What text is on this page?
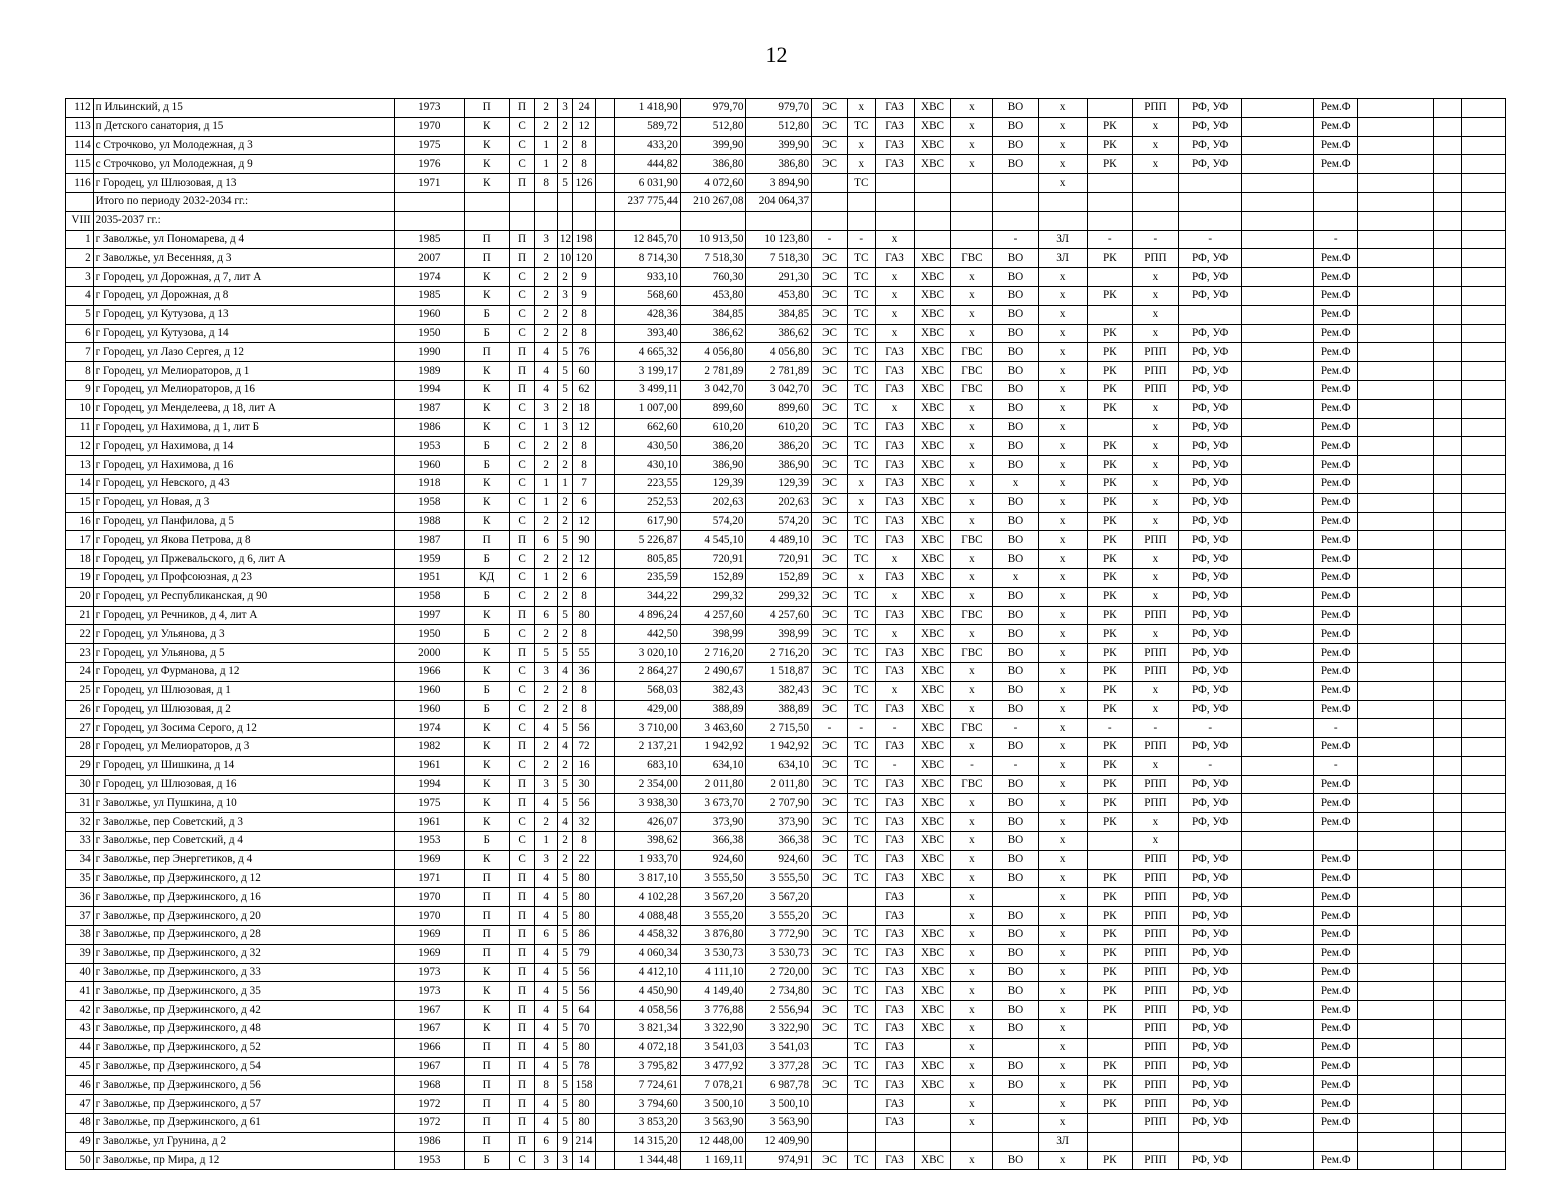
12
112	п Ильинский, д 15	1973	П	П	2	3	24		1 418,90	979,70	979,70	ЭС	x	ГАЗ	ХВС	x	ВО	x		РПП	РФ, УФ		Рем.Ф			
113	п Детского санатория, д 15	1970	К	С	2	2	12		589,72	512,80	512,80	ЭС	ТС	ГАЗ	ХВС	x	ВО	x	РК	x	РФ, УФ		Рем.Ф			
114	с Строчково, ул Молодежная, д 3	1975	К	С	1	2	8		433,20	399,90	399,90	ЭС	x	ГАЗ	ХВС	x	ВО	x	РК	x	РФ, УФ		Рем.Ф			
115	с Строчково, ул Молодежная, д 9	1976	К	С	1	2	8		444,82	386,80	386,80	ЭС	x	ГАЗ	ХВС	x	ВО	x	РК	x	РФ, УФ		Рем.Ф			
116	г Городец, ул Шлюзовая, д 13	1971	К	П	8	5	126		6 031,90	4 072,60	3 894,90		ТС					x								
	Итого по периоду 2032-2034 гг.:								237 775,44	210 267,08	204 064,37															
VIII	2035-2037 гг.:																									
1	г Заволжье, ул Пономарева, д 4	1985	П	П	3	12	198		12 845,70	10 913,50	10 123,80	-	-	x			-	ЗЛ	-	-	-		-			
2	г Заволжье, ул Весенняя, д 3	2007	П	П	2	10	120		8 714,30	7 518,30	7 518,30	ЭС	ТС	ГАЗ	ХВС	ГВС	ВО	ЗЛ	РК	РПП	РФ, УФ		Рем.Ф			
3	г Городец, ул Дорожная, д 7, лит А	1974	К	С	2	2	9		933,10	760,30	291,30	ЭС	ТС	x	ХВС	x	ВО	x		x	РФ, УФ		Рем.Ф			
4	г Городец, ул Дорожная, д 8	1985	К	С	2	3	9		568,60	453,80	453,80	ЭС	ТС	x	ХВС	x	ВО	x	РК	x	РФ, УФ		Рем.Ф			
5	г Городец, ул Кутузова, д 13	1960	Б	С	2	2	8		428,36	384,85	384,85	ЭС	ТС	x	ХВС	x	ВО	x		x			Рем.Ф			
6	г Городец, ул Кутузова, д 14	1950	Б	С	2	2	8		393,40	386,62	386,62	ЭС	ТС	x	ХВС	x	ВО	x	РК	x	РФ, УФ		Рем.Ф			
7	г Городец, ул Лазо Сергея, д 12	1990	П	П	4	5	76		4 665,32	4 056,80	4 056,80	ЭС	ТС	ГАЗ	ХВС	ГВС	ВО	x	РК	РПП	РФ, УФ		Рем.Ф			
8	г Городец, ул Мелиораторов, д 1	1989	К	П	4	5	60		3 199,17	2 781,89	2 781,89	ЭС	ТС	ГАЗ	ХВС	ГВС	ВО	x	РК	РПП	РФ, УФ		Рем.Ф			
9	г Городец, ул Мелиораторов, д 16	1994	К	П	4	5	62		3 499,11	3 042,70	3 042,70	ЭС	ТС	ГАЗ	ХВС	ГВС	ВО	x	РК	РПП	РФ, УФ		Рем.Ф			
10	г Городец, ул Менделеева, д 18, лит А	1987	К	С	3	2	18		1 007,00	899,60	899,60	ЭС	ТС	x	ХВС	x	ВО	x	РК	x	РФ, УФ		Рем.Ф			
11	г Городец, ул Нахимова, д 1, лит Б	1986	К	С	1	3	12		662,60	610,20	610,20	ЭС	ТС	ГАЗ	ХВС	x	ВО	x		x	РФ, УФ		Рем.Ф			
12	г Городец, ул Нахимова, д 14	1953	Б	С	2	2	8		430,50	386,20	386,20	ЭС	ТС	ГАЗ	ХВС	x	ВО	x	РК	x	РФ, УФ		Рем.Ф			
13	г Городец, ул Нахимова, д 16	1960	Б	С	2	2	8		430,10	386,90	386,90	ЭС	ТС	ГАЗ	ХВС	x	ВО	x	РК	x	РФ, УФ		Рем.Ф			
14	г Городец, ул Невского, д 43	1918	К	С	1	1	7		223,55	129,39	129,39	ЭС	x	ГАЗ	ХВС	x	x	x	РК	x	РФ, УФ		Рем.Ф			
15	г Городец, ул Новая, д 3	1958	К	С	1	2	6		252,53	202,63	202,63	ЭС	x	ГАЗ	ХВС	x	ВО	x	РК	x	РФ, УФ		Рем.Ф			
16	г Городец, ул Панфилова, д 5	1988	К	С	2	2	12		617,90	574,20	574,20	ЭС	ТС	ГАЗ	ХВС	x	ВО	x	РК	x	РФ, УФ		Рем.Ф			
17	г Городец, ул Якова Петрова, д 8	1987	П	П	6	5	90		5 226,87	4 545,10	4 489,10	ЭС	ТС	ГАЗ	ХВС	ГВС	ВО	x	РК	РПП	РФ, УФ		Рем.Ф			
18	г Городец, ул Пржевальского, д 6, лит А	1959	Б	С	2	2	12		805,85	720,91	720,91	ЭС	ТС	x	ХВС	x	ВО	x	РК	x	РФ, УФ		Рем.Ф			
19	г Городец, ул Профсоюзная, д 23	1951	КД	С	1	2	6		235,59	152,89	152,89	ЭС	x	ГАЗ	ХВС	x	x	x	РК	x	РФ, УФ		Рем.Ф			
20	г Городец, ул Республиканская, д 90	1958	Б	С	2	2	8		344,22	299,32	299,32	ЭС	ТС	x	ХВС	x	ВО	x	РК	x	РФ, УФ		Рем.Ф			
21	г Городец, ул Речников, д 4, лит А	1997	К	П	6	5	80		4 896,24	4 257,60	4 257,60	ЭС	ТС	ГАЗ	ХВС	ГВС	ВО	x	РК	РПП	РФ, УФ		Рем.Ф			
22	г Городец, ул Ульянова, д 3	1950	Б	С	2	2	8		442,50	398,99	398,99	ЭС	ТС	x	ХВС	x	ВО	x	РК	x	РФ, УФ		Рем.Ф			
23	г Городец, ул Ульянова, д 5	2000	К	П	5	5	55		3 020,10	2 716,20	2 716,20	ЭС	ТС	ГАЗ	ХВС	ГВС	ВО	x	РК	РПП	РФ, УФ		Рем.Ф			
24	г Городец, ул Фурманова, д 12	1966	К	С	3	4	36		2 864,27	2 490,67	1 518,87	ЭС	ТС	ГАЗ	ХВС	x	ВО	x	РК	РПП	РФ, УФ		Рем.Ф			
25	г Городец, ул Шлюзовая, д 1	1960	Б	С	2	2	8		568,03	382,43	382,43	ЭС	ТС	x	ХВС	x	ВО	x	РК	x	РФ, УФ		Рем.Ф			
26	г Городец, ул Шлюзовая, д 2	1960	Б	С	2	2	8		429,00	388,89	388,89	ЭС	ТС	ГАЗ	ХВС	x	ВО	x	РК	x	РФ, УФ		Рем.Ф			
27	г Городец, ул Зосима Серого, д 12	1974	К	С	4	5	56		3 710,00	3 463,60	2 715,50	-	-	-	ХВС	ГВС	-	x	-	-	-		-			
28	г Городец, ул Мелиораторов, д 3	1982	К	П	2	4	72		2 137,21	1 942,92	1 942,92	ЭС	ТС	ГАЗ	ХВС	x	ВО	x	РК	РПП	РФ, УФ		Рем.Ф			
29	г Городец, ул Шишкина, д 14	1961	К	С	2	2	16		683,10	634,10	634,10	ЭС	ТС	-	ХВС	-	-	x	РК	x	-		-			
30	г Городец, ул Шлюзовая, д 16	1994	К	П	3	5	30		2 354,00	2 011,80	2 011,80	ЭС	ТС	ГАЗ	ХВС	ГВС	ВО	x	РК	РПП	РФ, УФ		Рем.Ф			
31	г Заволжье, ул Пушкина, д 10	1975	К	П	4	5	56		3 938,30	3 673,70	2 707,90	ЭС	ТС	ГАЗ	ХВС	x	ВО	x	РК	РПП	РФ, УФ		Рем.Ф			
32	г Заволжье, пер Советский, д 3	1961	К	С	2	4	32		426,07	373,90	373,90	ЭС	ТС	ГАЗ	ХВС	x	ВО	x	РК	x	РФ, УФ		Рем.Ф			
33	г Заволжье, пер Советский, д 4	1953	Б	С	1	2	8		398,62	366,38	366,38	ЭС	ТС	ГАЗ	ХВС	x	ВО	x		x						
34	г Заволжье, пер Энергетиков, д 4	1969	К	С	3	2	22		1 933,70	924,60	924,60	ЭС	ТС	ГАЗ	ХВС	x	ВО	x		РПП	РФ, УФ		Рем.Ф			
35	г Заволжье, пр Дзержинского, д 12	1971	П	П	4	5	80		3 817,10	3 555,50	3 555,50	ЭС	ТС	ГАЗ	ХВС	x	ВО	x	РК	РПП	РФ, УФ		Рем.Ф			
36	г Заволжье, пр Дзержинского, д 16	1970	П	П	4	5	80		4 102,28	3 567,20	3 567,20			ГАЗ		x		x	РК	РПП	РФ, УФ		Рем.Ф			
37	г Заволжье, пр Дзержинского, д 20	1970	П	П	4	5	80		4 088,48	3 555,20	3 555,20	ЭС		ГАЗ		x	ВО	x	РК	РПП	РФ, УФ		Рем.Ф			
38	г Заволжье, пр Дзержинского, д 28	1969	П	П	6	5	86		4 458,32	3 876,80	3 772,90	ЭС	ТС	ГАЗ	ХВС	x	ВО	x	РК	РПП	РФ, УФ		Рем.Ф			
39	г Заволжье, пр Дзержинского, д 32	1969	П	П	4	5	79		4 060,34	3 530,73	3 530,73	ЭС	ТС	ГАЗ	ХВС	x	ВО	x	РК	РПП	РФ, УФ		Рем.Ф			
40	г Заволжье, пр Дзержинского, д 33	1973	К	П	4	5	56		4 412,10	4 111,10	2 720,00	ЭС	ТС	ГАЗ	ХВС	x	ВО	x	РК	РПП	РФ, УФ		Рем.Ф			
41	г Заволжье, пр Дзержинского, д 35	1973	К	П	4	5	56		4 450,90	4 149,40	2 734,80	ЭС	ТС	ГАЗ	ХВС	x	ВО	x	РК	РПП	РФ, УФ		Рем.Ф			
42	г Заволжье, пр Дзержинского, д 42	1967	К	П	4	5	64		4 058,56	3 776,88	2 556,94	ЭС	ТС	ГАЗ	ХВС	x	ВО	x	РК	РПП	РФ, УФ		Рем.Ф			
43	г Заволжье, пр Дзержинского, д 48	1967	К	П	4	5	70		3 821,34	3 322,90	3 322,90	ЭС	ТС	ГАЗ	ХВС	x	ВО	x		РПП	РФ, УФ		Рем.Ф			
44	г Заволжье, пр Дзержинского, д 52	1966	П	П	4	5	80		4 072,18	3 541,03	3 541,03		ТС	ГАЗ		x		x		РПП	РФ, УФ		Рем.Ф			
45	г Заволжье, пр Дзержинского, д 54	1967	П	П	4	5	78		3 795,82	3 477,92	3 377,28	ЭС	ТС	ГАЗ	ХВС	x	ВО	x	РК	РПП	РФ, УФ		Рем.Ф			
46	г Заволжье, пр Дзержинского, д 56	1968	П	П	8	5	158		7 724,61	7 078,21	6 987,78	ЭС	ТС	ГАЗ	ХВС	x	ВО	x	РК	РПП	РФ, УФ		Рем.Ф			
47	г Заволжье, пр Дзержинского, д 57	1972	П	П	4	5	80		3 794,60	3 500,10	3 500,10			ГАЗ		x		x	РК	РПП	РФ, УФ		Рем.Ф			
48	г Заволжье, пр Дзержинского, д 61	1972	П	П	4	5	80		3 853,20	3 563,90	3 563,90			ГАЗ		x		x		РПП	РФ, УФ		Рем.Ф			
49	г Заволжье, ул Грунина, д 2	1986	П	П	6	9	214		14 315,20	12 448,00	12 409,90							ЗЛ								
50	г Заволжье, пр Мира, д 12	1953	Б	С	3	3	14		1 344,48	1 169,11	974,91	ЭС	ТС	ГАЗ	ХВС	x	ВО	x	РК	РПП	РФ, УФ		Рем.Ф			
